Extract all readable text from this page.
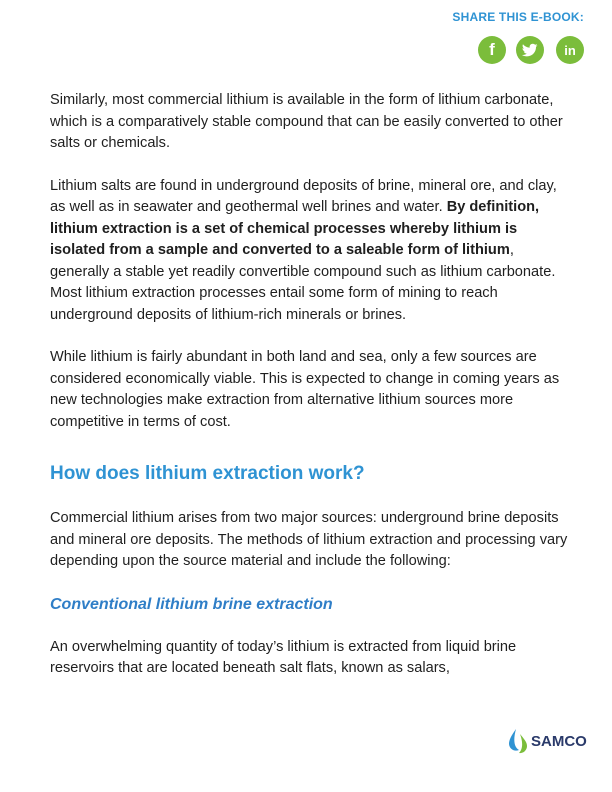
SHARE THIS E-BOOK:
f	in

Similarly, most commercial lithium is available in the form of lithium carbonate, which is a comparatively stable compound that can be easily converted to other salts or chemicals.

Lithium salts are found in underground deposits of brine, mineral ore, and clay, as well as in seawater and geothermal well brines and water. By definition, lithium extraction is a set of chemical processes whereby lithium is isolated from a sample and converted to a saleable form of lithium, generally a stable yet readily convertible compound such as lithium carbonate. Most lithium extraction processes entail some form of mining to reach underground deposits of lithium-rich minerals or brines.

While lithium is fairly abundant in both land and sea, only a few sources are considered economically viable. This is expected to change in coming years as new technologies make extraction from alternative lithium sources more competitive in terms of cost.

How does lithium extraction work?

Commercial lithium arises from two major sources: underground brine deposits and mineral ore deposits. The methods of lithium extraction and processing vary depending upon the source material and include the following:

Conventional lithium brine extraction

An overwhelming quantity of today’s lithium is extracted from liquid brine reservoirs that are located beneath salt flats, known as salars,

SAMCO
